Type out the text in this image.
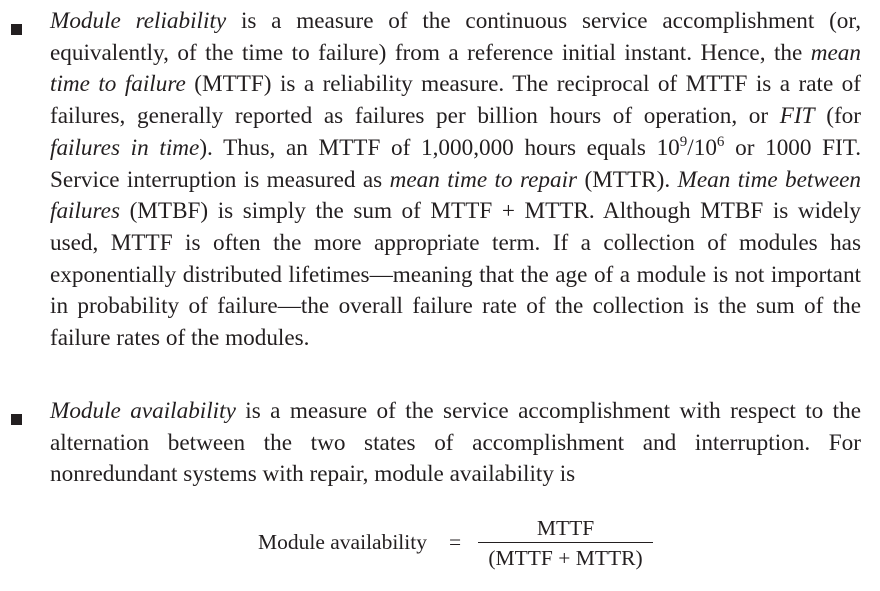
Module reliability is a measure of the continuous service accomplishment (or, equivalently, of the time to failure) from a reference initial instant. Hence, the mean time to failure (MTTF) is a reliability measure. The reciprocal of MTTF is a rate of failures, generally reported as failures per billion hours of operation, or FIT (for failures in time). Thus, an MTTF of 1,000,000 hours equals $10^9/10^6$ or 1000 FIT. Service interruption is measured as mean time to repair (MTTR). Mean time between failures (MTBF) is simply the sum of MTTF + MTTR. Although MTBF is widely used, MTTF is often the more appropriate term. If a collection of modules has exponentially distributed lifetimes—meaning that the age of a module is not important in probability of failure—the overall failure rate of the collection is the sum of the failure rates of the modules.
Module availability is a measure of the service accomplishment with respect to the alternation between the two states of accomplishment and interruption. For nonredundant systems with repair, module availability is
Module availability =
MTTF
(MTTF + MTTR)
